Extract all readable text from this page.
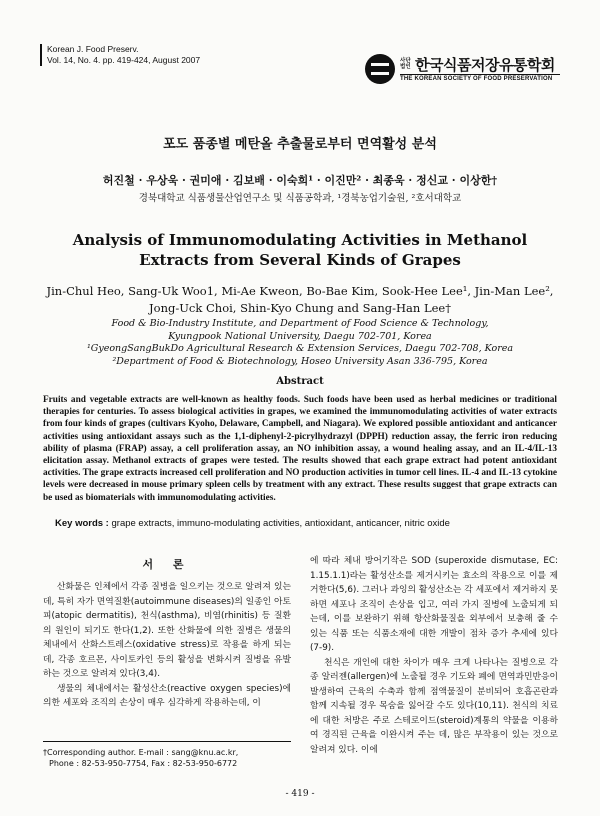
Korean J. Food Preserv.
Vol. 14, No. 4. pp. 419-424, August 2007	사단법인 한국식품저장유통학회
THE KOREAN SOCIETY OF FOOD PRESERVATION
포도 품종별 메탄올 추출물로부터 면역활성 분석
허진철 · 우상욱 · 권미애 · 김보배 · 이숙희¹ · 이진만² · 최종욱 · 정신교 · 이상한†
경북대학교 식품생물산업연구소 및 식품공학과, ¹경북농업기술원, ²호서대학교
Analysis of Immunomodulating Activities in Methanol Extracts from Several Kinds of Grapes
Jin-Chul Heo, Sang-Uk Woo1, Mi-Ae Kweon, Bo-Bae Kim, Sook-Hee Lee¹, Jin-Man Lee², Jong-Uck Choi, Shin-Kyo Chung and Sang-Han Lee†
Food & Bio-Industry Institute, and Department of Food Science & Technology,
Kyungpook National University, Daegu 702-701, Korea
¹GyeongSangBukDo Agricultural Research & Extension Services, Daegu 702-708, Korea
²Department of Food & Biotechnology, Hoseo University Asan 336-795, Korea
Abstract
Fruits and vegetable extracts are well-known as healthy foods. Such foods have been used as herbal medicines or traditional therapies for centuries. To assess biological activities in grapes, we examined the immunomodulating activities of water extracts from four kinds of grapes (cultivars Kyoho, Delaware, Campbell, and Niagara). We explored possible antioxidant and anticancer activities using antioxidant assays such as the 1,1-diphenyl-2-picrylhydrazyl (DPPH) reduction assay, the ferric iron reducing ability of plasma (FRAP) assay, a cell proliferation assay, an NO inhibition assay, a wound healing assay, and an IL-4/IL-13 elicitation assay. Methanol extracts of grapes were tested. The results showed that each grape extract had potent antioxidant activities. The grape extracts increased cell proliferation and NO production activities in tumor cell lines. IL-4 and IL-13 cytokine levels were decreased in mouse primary spleen cells by treatment with any extract. These results suggest that grape extracts can be used as biomaterials with immunomodulating activities.
Key words : grape extracts, immuno-modulating activities, antioxidant, anticancer, nitric oxide
서 론

산화물은 인체에서 각종 질병을 일으키는 것으로 알려져 있는데, 특히 자가 면역질환(autoimmune diseases)의 일종인 아토피(atopic dermatitis), 천식(asthma), 비염(rhinitis) 등 질환의 원인이 되기도 한다(1,2). 또한 산화물에 의한 질병은 생물의 체내에서 산화스트레스(oxidative stress)로 작용을 하게 되는데, 각종 호르몬, 사이토카인 등의 활성을 변화시켜 질병을 유발 하는 것으로 알려져 있다(3,4).

생물의 체내에서는 활성산소(reactive oxygen species)에 의한 세포와 조직의 손상이 매우 심각하게 작용하는데, 이

에 따라 체내 방어기작은 SOD (superoxide dismutase, EC: 1.15.1.1)라는 활성산소를 제거시키는 효소의 작용으로 이를 제거한다(5,6). 그러나 과잉의 활성산소는 각 세포에서 제거하지 못하면 세포나 조직이 손상을 입고, 여러 가지 질병에 노출되게 되는데, 이를 보완하기 위해 항산화물질을 외부에서 보충해 줄 수 있는 식품 또는 식품소재에 대한 개발이 점차 증가 추세에 있다(7-9).

천식은 개인에 대한 차이가 매우 크게 나타나는 질병으로 각종 알러젠(allergen)에 노출될 경우 기도와 폐에 면역과민반응이 발생하여 근육의 수축과 함께 점액물질이 분비되어 호흡곤란과 함께 지속될 경우 목숨을 잃어갈 수도 있다(10,11). 천식의 치료에 대한 처방은 주로 스테로이드(steroid)계통의 약물을 이용하여 경직된 근육을 이완시켜 주는 데, 많은 부작용이 있는 것으로 알려져 있다. 이에

†Corresponding author. E-mail : sang@knu.ac.kr,
Phone : 82-53-950-7754, Fax : 82-53-950-6772
- 419 -
